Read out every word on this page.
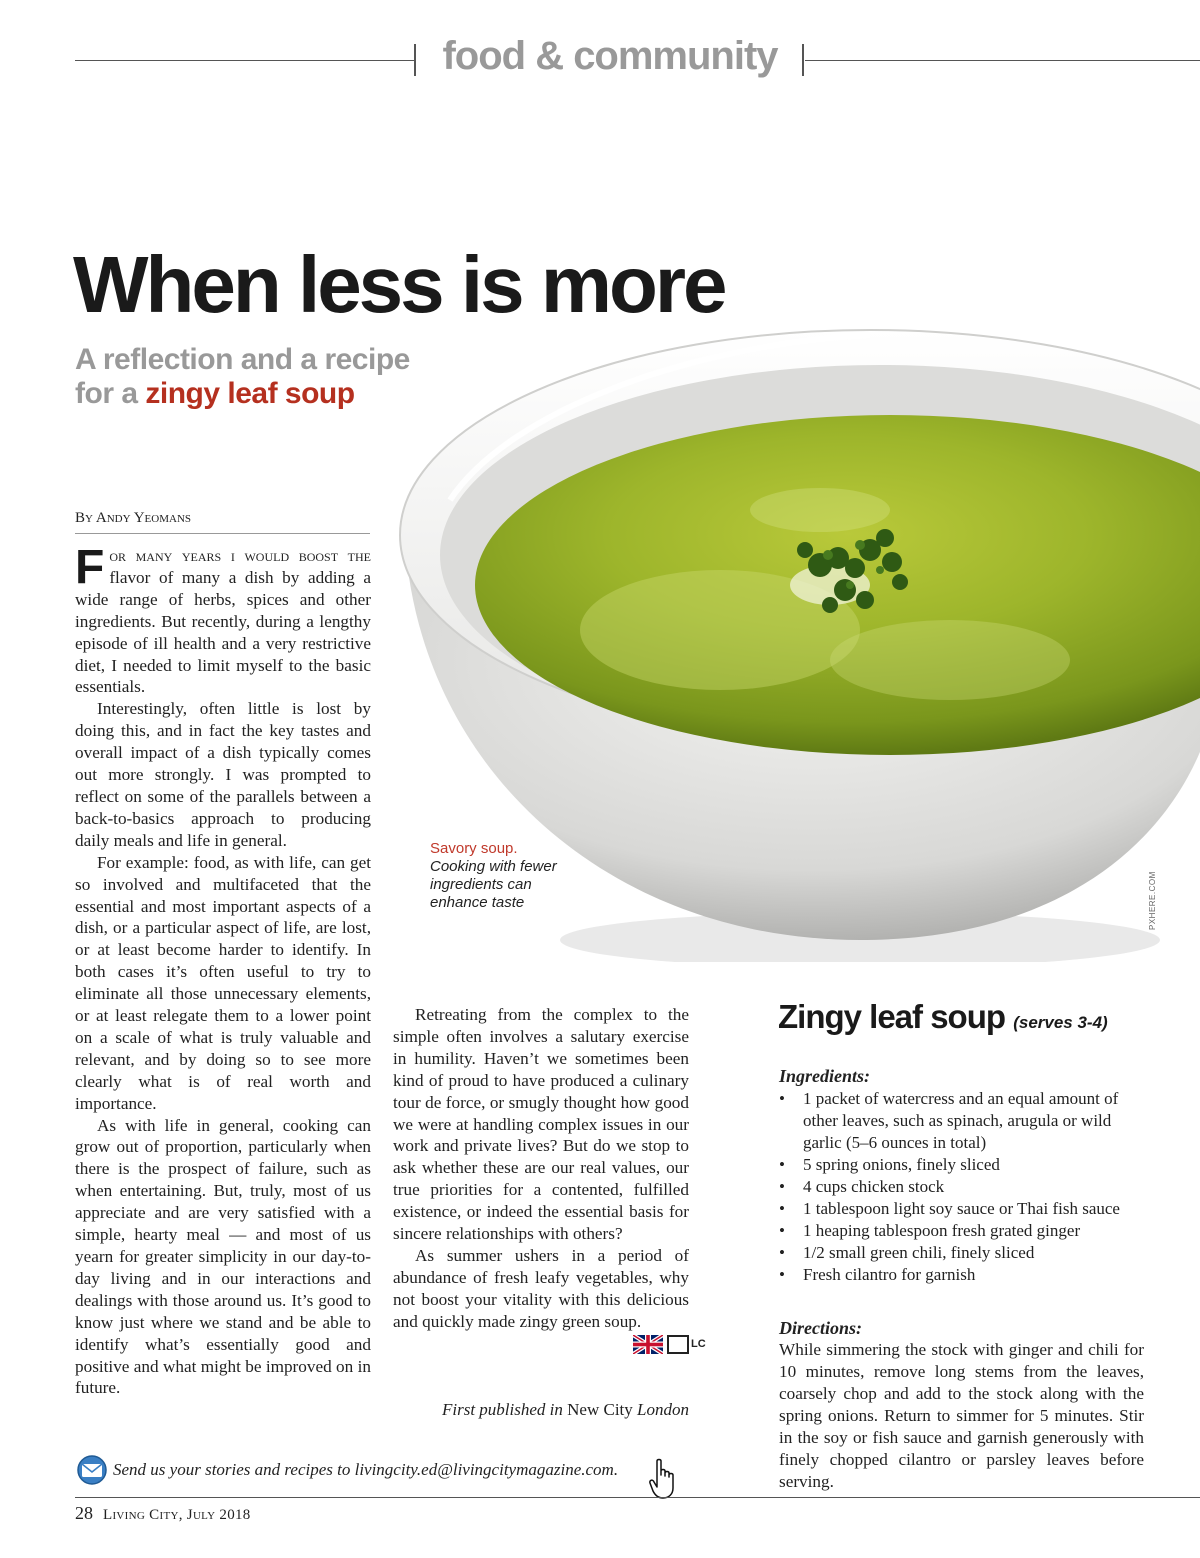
food & community
Savory soup.
Cooking with fewer ingredients can enhance taste	PXHERE.COM
When less is more
A reflection and a recipe
for a zingy leaf soup
By Andy Yeomans

For many years i would boost the flavor of many a dish by adding a wide range of herbs, spices and other ingredients. But recently, during a lengthy episode of ill health and a very restrictive diet, I needed to limit myself to the basic essentials.

Interestingly, often little is lost by doing this, and in fact the key tastes and overall impact of a dish typically comes out more strongly. I was prompted to reflect on some of the parallels between a back-to-basics approach to producing daily meals and life in general.

For example: food, as with life, can get so involved and multifaceted that the essential and most important aspects of a dish, or a particular aspect of life, are lost, or at least become harder to identify. In both cases it’s often useful to try to eliminate all those unnecessary elements, or at least relegate them to a lower point on a scale of what is truly valuable and relevant, and by doing so to see more clearly what is of real worth and importance.

As with life in general, cooking can grow out of proportion, particularly when there is the prospect of failure, such as when entertaining. But, truly, most of us appreciate and are very satisfied with a simple, hearty meal — and most of us yearn for greater simplicity in our day-to-day living and in our interactions and dealings with those around us. It’s good to know just where we stand and be able to identify what’s essentially good and positive and what might be improved on in future.

Retreating from the complex to the simple often involves a salutary exercise in humility. Haven’t we sometimes been kind of proud to have produced a culinary tour de force, or smugly thought how good we were at handling complex issues in our work and private lives? But do we stop to ask whether these are our real values, our true priorities for a contented, fulfilled existence, or indeed the essential basis for sincere relationships with others?

As summer ushers in a period of abundance of fresh leafy vegetables, why not boost your vitality with this delicious and quickly made zingy green soup.
LC

First published in New City London
Zingy leaf soup (serves 3-4)
Ingredients:
• 1 packet of watercress and an equal amount of other leaves, such as spinach, arugula or wild garlic (5–6 ounces in total)
• 5 spring onions, finely sliced
• 4 cups chicken stock
• 1 tablespoon light soy sauce or Thai fish sauce
• 1 heaping tablespoon fresh grated ginger
• 1/2 small green chili, finely sliced
• Fresh cilantro for garnish
Directions:
While simmering the stock with ginger and chili for 10 minutes, remove long stems from the leaves, coarsely chop and add to the stock along with the spring onions. Return to simmer for 5 minutes. Stir in the soy or fish sauce and garnish generously with finely chopped cilantro or parsley leaves before serving.
Send us your stories and recipes to livingcity.ed@livingcitymagazine.com.
28 Living City, July 2018
